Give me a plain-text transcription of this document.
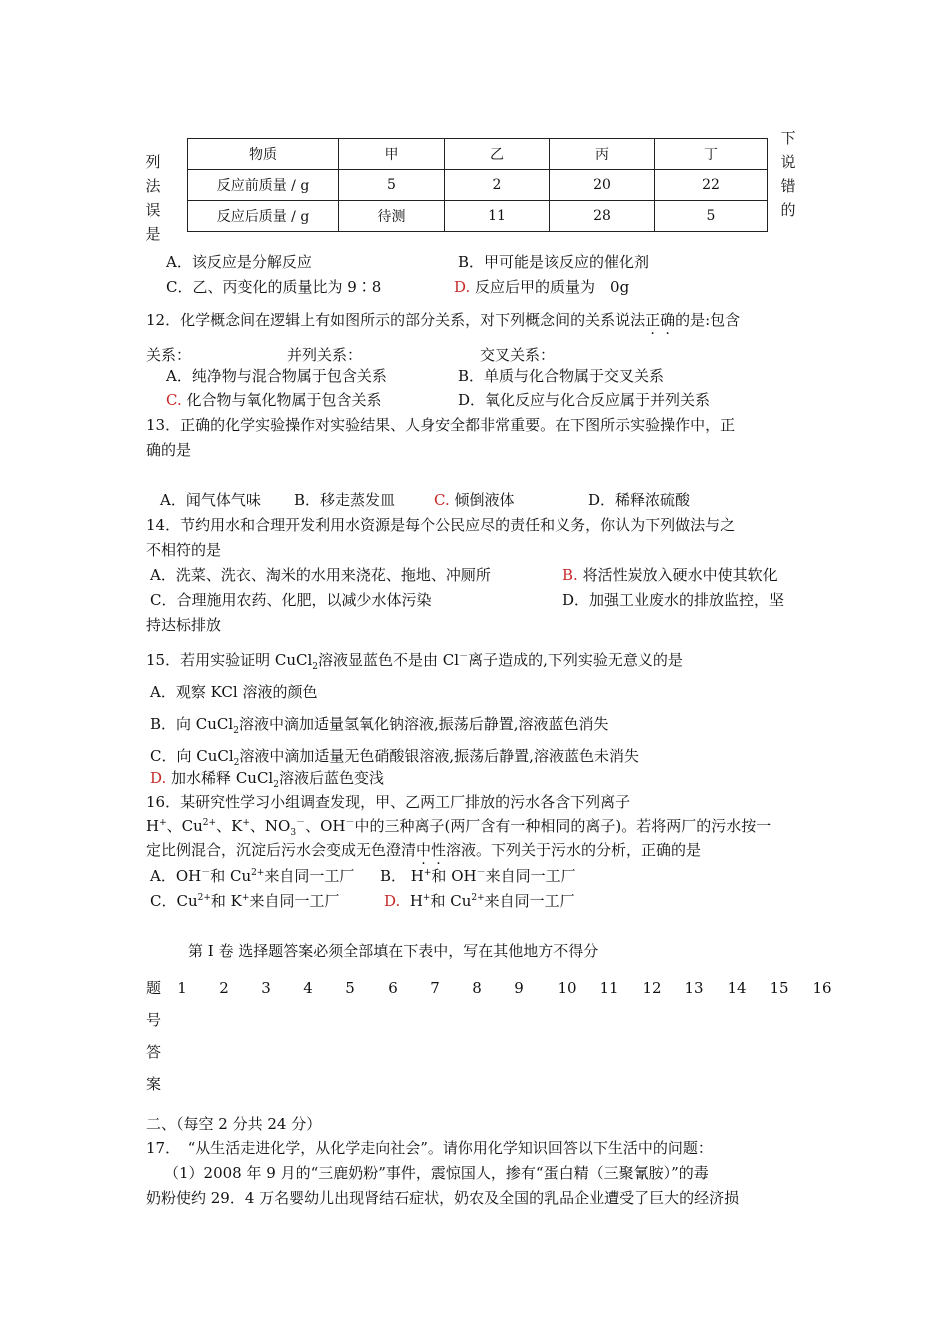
列
法
误
是
下
说
错
的
物质	甲	乙	丙	丁
反应前质量 / g	5	2	20	22
反应后质量 / g	待测	11	28	5
A．该反应是分解反应	B．甲可能是该反应的催化剂
C．乙、丙变化的质量比为 9∶8	D. 反应后甲的质量为　0g
12．化学概念间在逻辑上有如图所示的部分关系，对下列概念间的关系说法正确的是:包含
关系：	并列关系：	交叉关系：
A．纯净物与混合物属于包含关系	B．单质与化合物属于交叉关系
C. 化合物与氧化物属于包含关系	D．氧化反应与化合反应属于并列关系
13．正确的化学实验操作对实验结果、人身安全都非常重要。在下图所示实验操作中，正
确的是
A．闻气体气味 B．移走蒸发皿	C. 倾倒液体	D．稀释浓硫酸
14．节约用水和合理开发利用水资源是每个公民应尽的责任和义务，你认为下列做法与之
不相符的是
A．洗菜、洗衣、淘米的水用来浇花、拖地、冲厕所	B. 将活性炭放入硬水中使其软化
C．合理施用农药、化肥，以减少水体污染	D．加强工业废水的排放监控，坚
持达标排放
15．若用实验证明 CuCl$_2$溶液显蓝色不是由 Cl－离子造成的,下列实验无意义的是
A．观察 KCl 溶液的颜色
B．向 CuCl$_2$溶液中滴加适量氢氧化钠溶液,振荡后静置,溶液蓝色消失
C．向 CuCl$_2$溶液中滴加适量无色硝酸银溶液,振荡后静置,溶液蓝色未消失
D. 加水稀释 CuCl$_2$溶液后蓝色变浅
16．某研究性学习小组调查发现，甲、乙两工厂排放的污水各含下列离子
H+、$Cu^{2+}$、K+、$NO_3^-$、OH－中的三种离子(两厂含有一种相同的离子)。若将两厂的污水按一
定比例混合，沉淀后污水会变成无色澄清中性溶液。下列关于污水的分析，正确的是
A．OH－和 $Cu^{2+}$来自同一工厂 B． H+和 OH－来自同一工厂
C．$Cu^{2+}$和 K+来自同一工厂	D. H+和 $Cu^{2+}$来自同一工厂
第 I 卷 选择题答案必须全部填在下表中，写在其他地方不得分
题
号
答
案
1	2	3	4	5	6	7	8	9	10 11 12 13 14 15 16
二、（每空 2 分共 24 分）
17．　“从生活走进化学，从化学走向社会”。请你用化学知识回答以下生活中的问题：
（1）2008 年 9 月的“三鹿奶粉”事件，震惊国人，掺有“蛋白精（三聚氰胺）”的毒
奶粉使约 29．4 万名婴幼儿出现肾结石症状，奶农及全国的乳品企业遭受了巨大的经济损
